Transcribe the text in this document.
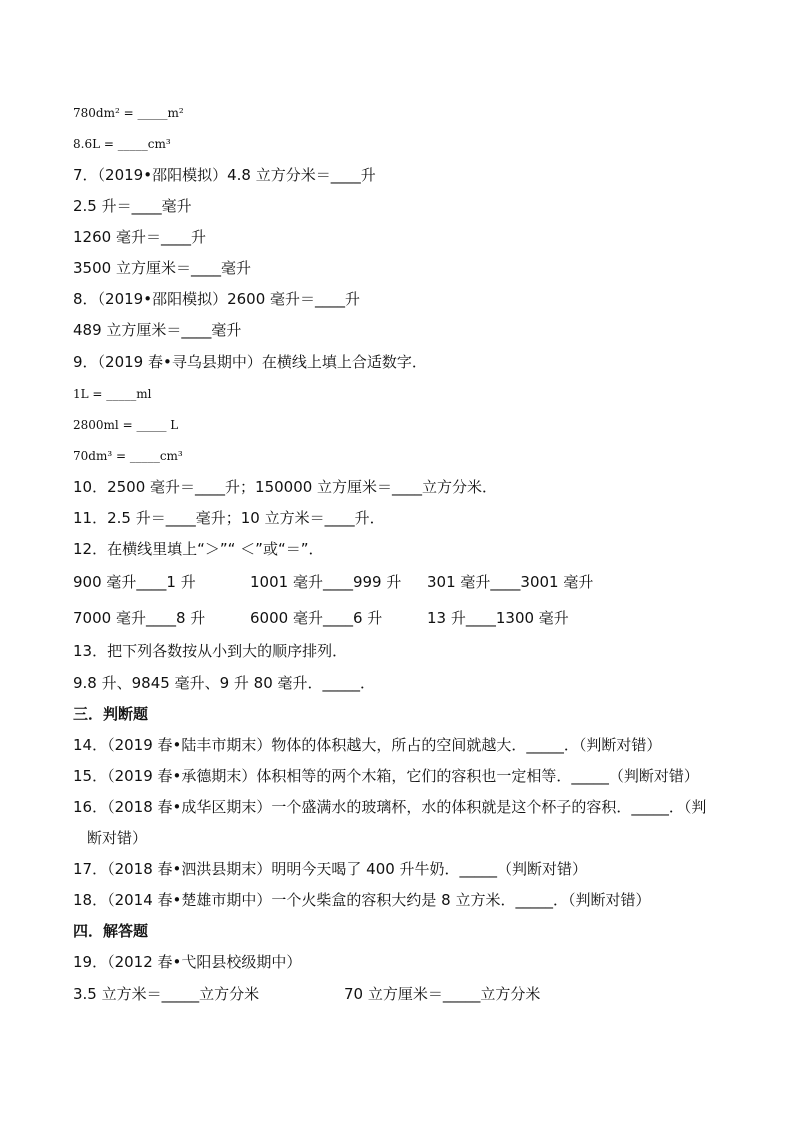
780dm² = _____m²
8.6L = _____cm³
7．（2019•邵阳模拟）4.8 立方分米＝____升
2.5 升＝____毫升
1260 毫升＝____升
3500 立方厘米＝____毫升
8．（2019•邵阳模拟）2600 毫升＝____升
489 立方厘米＝____毫升
9．（2019 春•寻乌县期中）在横线上填上合适数字．
1L = _____ml
2800ml = _____ L
70dm³ = _____cm³
10．2500 毫升＝____升；150000 立方厘米＝____立方分米．
11．2.5 升＝____毫升；10 立方米＝____升．
12．在横线里填上“＞”“ ＜”或“＝”．
900 毫升____1 升	1001 毫升____999 升 301 毫升____3001 毫升
7000 毫升____8 升	6000 毫升____6 升	13 升____1300 毫升
13．把下列各数按从小到大的顺序排列．
9.8 升、9845 毫升、9 升 80 毫升．_____．
三．判断题
14．（2019 春•陆丰市期末）物体的体积越大，所占的空间就越大．_____．（判断对错）
15．（2019 春•承德期末）体积相等的两个木箱，它们的容积也一定相等．_____（判断对错）
16．（2018 春•成华区期末）一个盛满水的玻璃杯，水的体积就是这个杯子的容积．_____．（判
断对错）
17．（2018 春•泗洪县期末）明明今天喝了 400 升牛奶．_____（判断对错）
18．（2014 春•楚雄市期中）一个火柴盒的容积大约是 8 立方米．_____．（判断对错）
四．解答题
19．（2012 春•弋阳县校级期中）
3.5 立方米＝_____立方分米	70 立方厘米＝_____立方分米
